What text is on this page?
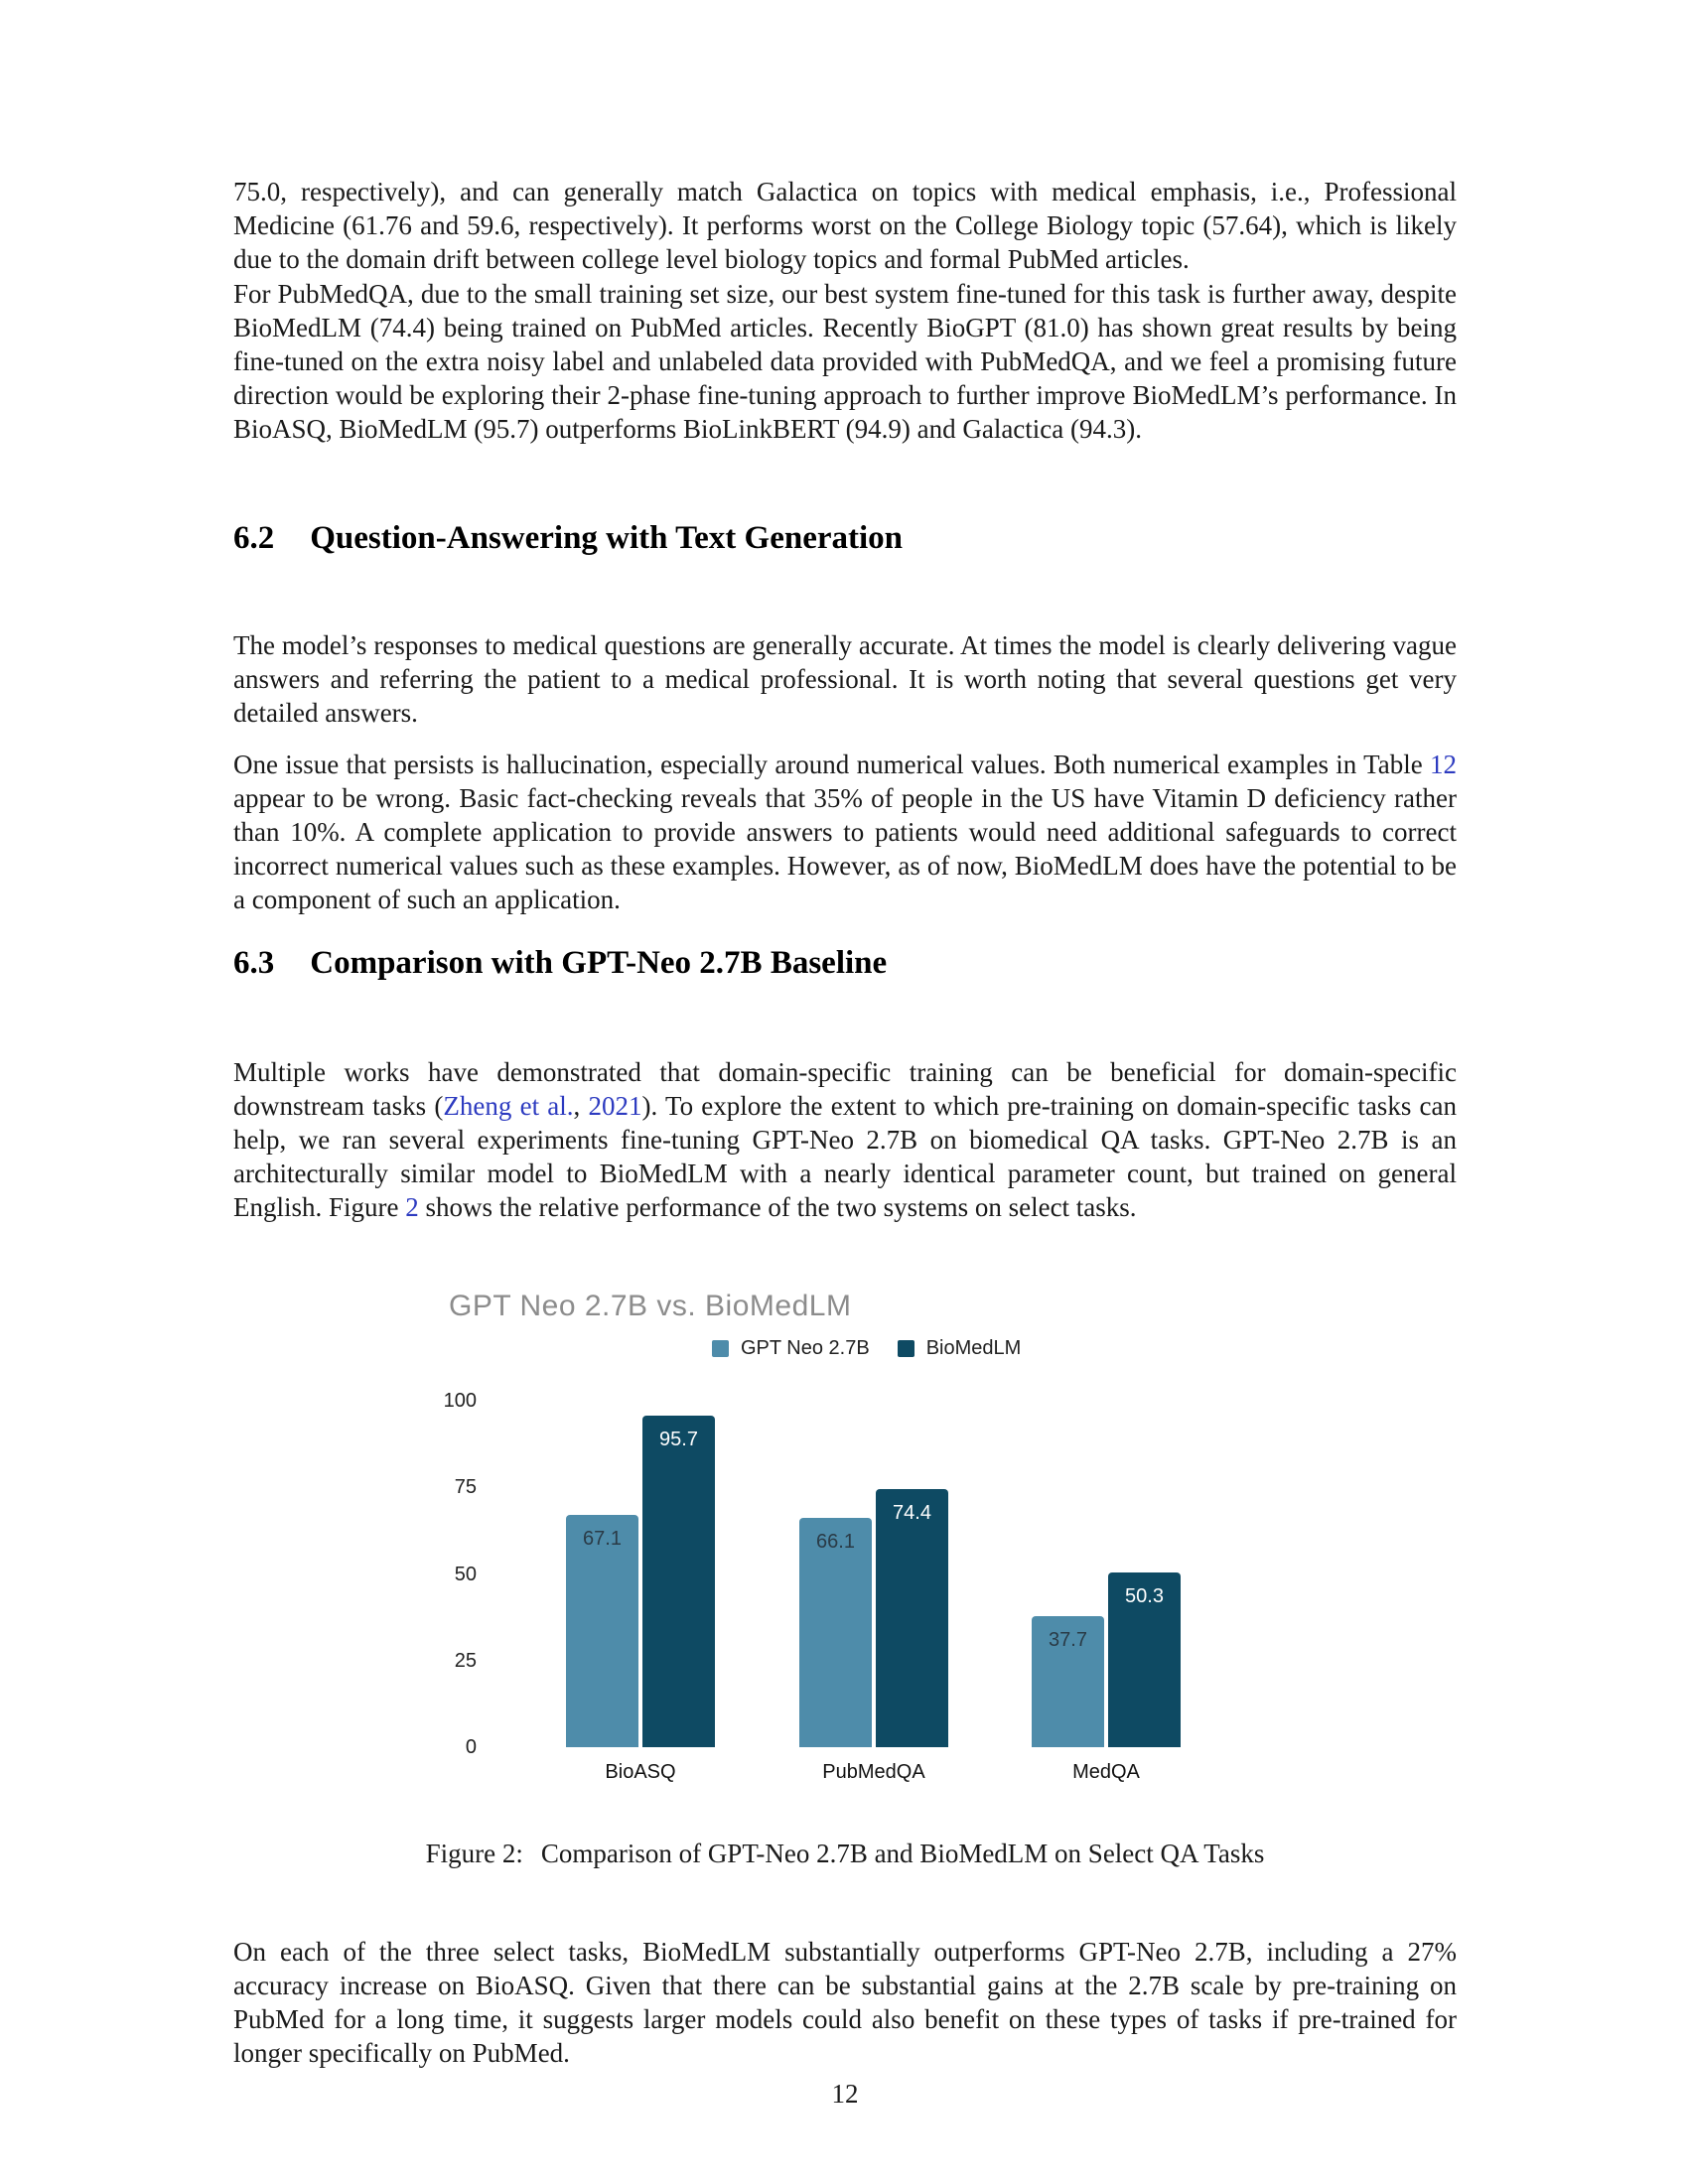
75.0, respectively), and can generally match Galactica on topics with medical emphasis, i.e., Professional Medicine (61.76 and 59.6, respectively). It performs worst on the College Biology topic (57.64), which is likely due to the domain drift between college level biology topics and formal PubMed articles.

For PubMedQA, due to the small training set size, our best system fine-tuned for this task is further away, despite BioMedLM (74.4) being trained on PubMed articles. Recently BioGPT (81.0) has shown great results by being fine-tuned on the extra noisy label and unlabeled data provided with PubMedQA, and we feel a promising future direction would be exploring their 2-phase fine-tuning approach to further improve BioMedLM’s performance. In BioASQ, BioMedLM (95.7) outperforms BioLinkBERT (94.9) and Galactica (94.3).

6.2 Question-Answering with Text Generation

The model’s responses to medical questions are generally accurate. At times the model is clearly delivering vague answers and referring the patient to a medical professional. It is worth noting that several questions get very detailed answers.

One issue that persists is hallucination, especially around numerical values. Both numerical examples in Table 12 appear to be wrong. Basic fact-checking reveals that 35% of people in the US have Vitamin D deficiency rather than 10%. A complete application to provide answers to patients would need additional safeguards to correct incorrect numerical values such as these examples. However, as of now, BioMedLM does have the potential to be a component of such an application.

6.3 Comparison with GPT-Neo 2.7B Baseline

Multiple works have demonstrated that domain-specific training can be beneficial for domain-specific downstream tasks (Zheng et al., 2021). To explore the extent to which pre-training on domain-specific tasks can help, we ran several experiments fine-tuning GPT-Neo 2.7B on biomedical QA tasks. GPT-Neo 2.7B is an architecturally similar model to BioMedLM with a nearly identical parameter count, but trained on general English. Figure 2 shows the relative performance of the two systems on select tasks.

GPT Neo 2.7B vs. BioMedLM
GPT Neo 2.7B	BioMedLM
0
25
50
75
100
67.1
95.7
BioASQ
66.1
74.4
PubMedQA
37.7
50.3
MedQA
Figure 2: Comparison of GPT-Neo 2.7B and BioMedLM on Select QA Tasks

On each of the three select tasks, BioMedLM substantially outperforms GPT-Neo 2.7B, including a 27% accuracy increase on BioASQ. Given that there can be substantial gains at the 2.7B scale by pre-training on PubMed for a long time, it suggests larger models could also benefit on these types of tasks if pre-trained for longer specifically on PubMed.

12
